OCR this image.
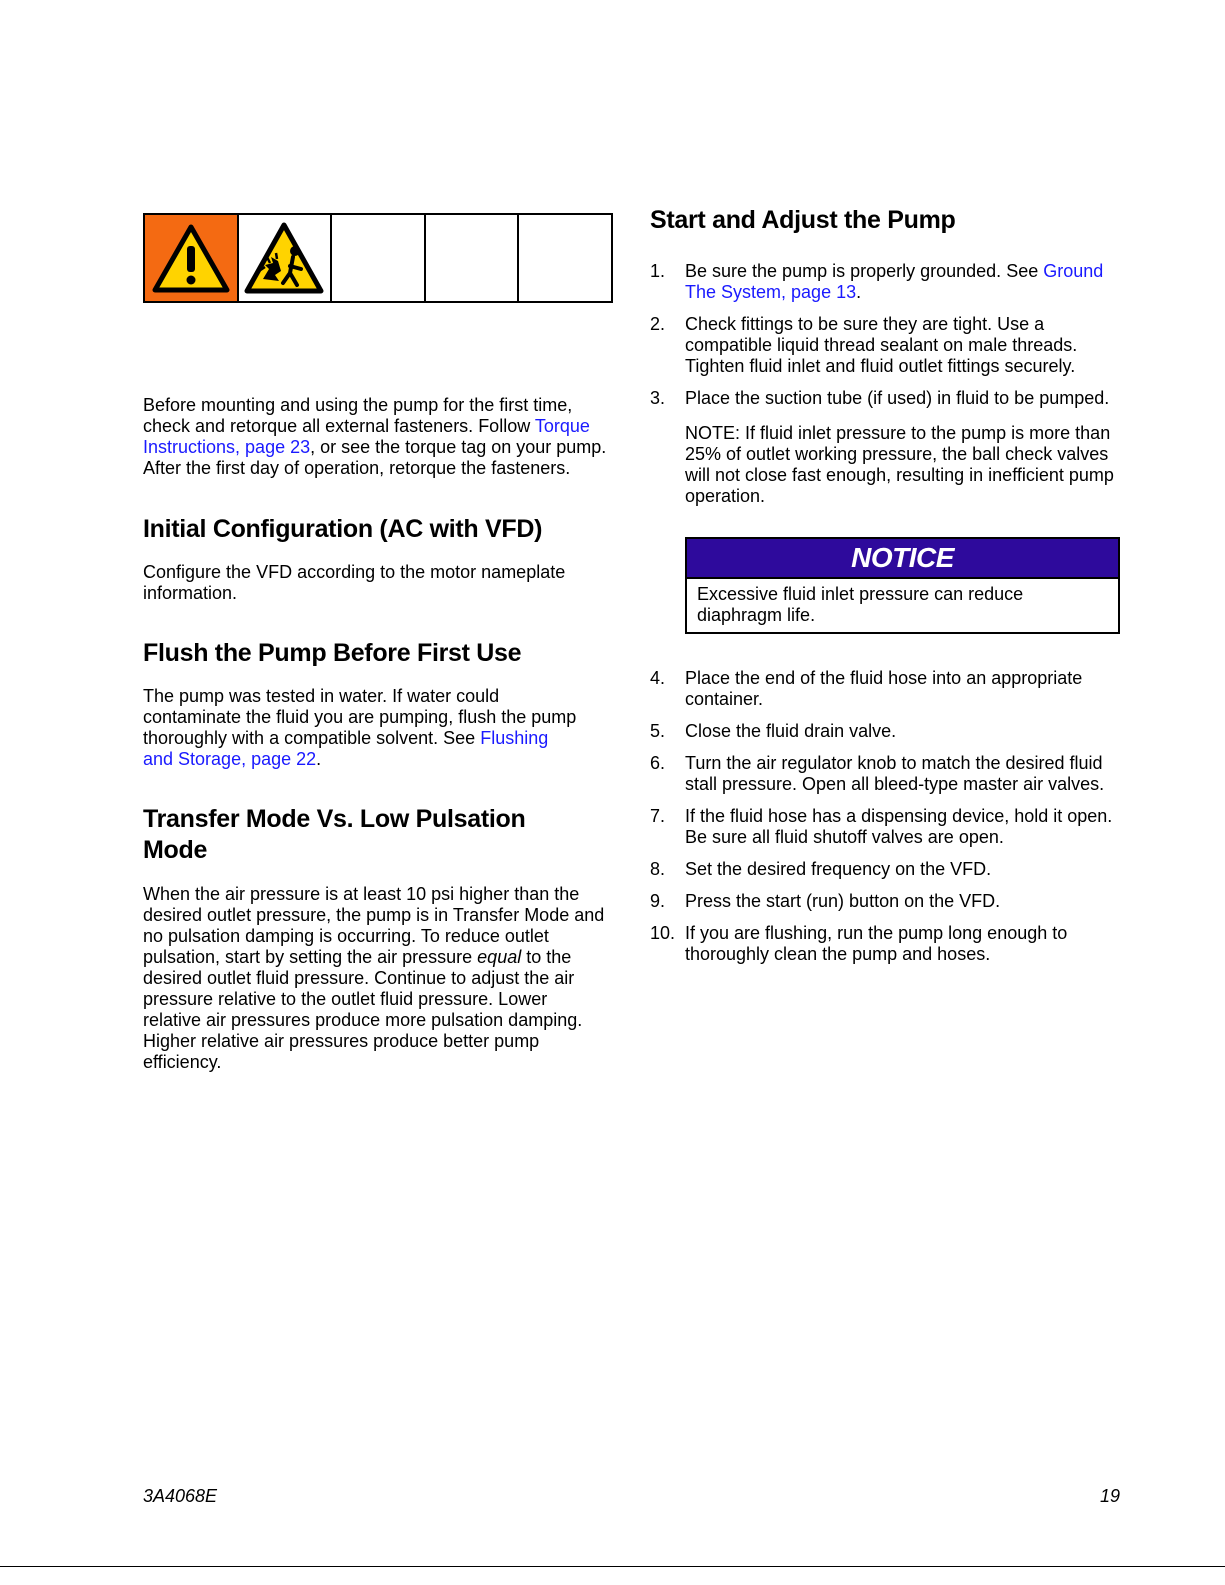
Before mounting and using the pump for the first time, check and retorque all external fasteners. Follow Torque Instructions, page 23, or see the torque tag on your pump. After the first day of operation, retorque the fasteners.

Initial Configuration (AC with VFD)

Configure the VFD according to the motor nameplate information.

Flush the Pump Before First Use

The pump was tested in water. If water could contaminate the fluid you are pumping, flush the pump thoroughly with a compatible solvent. See Flushing and Storage, page 22.

Transfer Mode Vs. Low Pulsation Mode

When the air pressure is at least 10 psi higher than the desired outlet pressure, the pump is in Transfer Mode and no pulsation damping is occurring. To reduce outlet pulsation, start by setting the air pressure equal to the desired outlet fluid pressure. Continue to adjust the air pressure relative to the outlet fluid pressure. Lower relative air pressures produce more pulsation damping. Higher relative air pressures produce better pump efficiency.

Start and Adjust the Pump
1. Be sure the pump is properly grounded. See Ground The System, page 13.
2. Check fittings to be sure they are tight. Use a compatible liquid thread sealant on male threads. Tighten fluid inlet and fluid outlet fittings securely.
3. Place the suction tube (if used) in fluid to be pumped.

NOTE: If fluid inlet pressure to the pump is more than 25% of outlet working pressure, the ball check valves will not close fast enough, resulting in inefficient pump operation.

NOTICE
Excessive fluid inlet pressure can reduce diaphragm life.
4. Place the end of the fluid hose into an appropriate container.
5. Close the fluid drain valve.
6. Turn the air regulator knob to match the desired fluid stall pressure. Open all bleed-type master air valves.
7. If the fluid hose has a dispensing device, hold it open. Be sure all fluid shutoff valves are open.
8. Set the desired frequency on the VFD.
9. Press the start (run) button on the VFD.
10. If you are flushing, run the pump long enough to thoroughly clean the pump and hoses.
3A4068E	19
